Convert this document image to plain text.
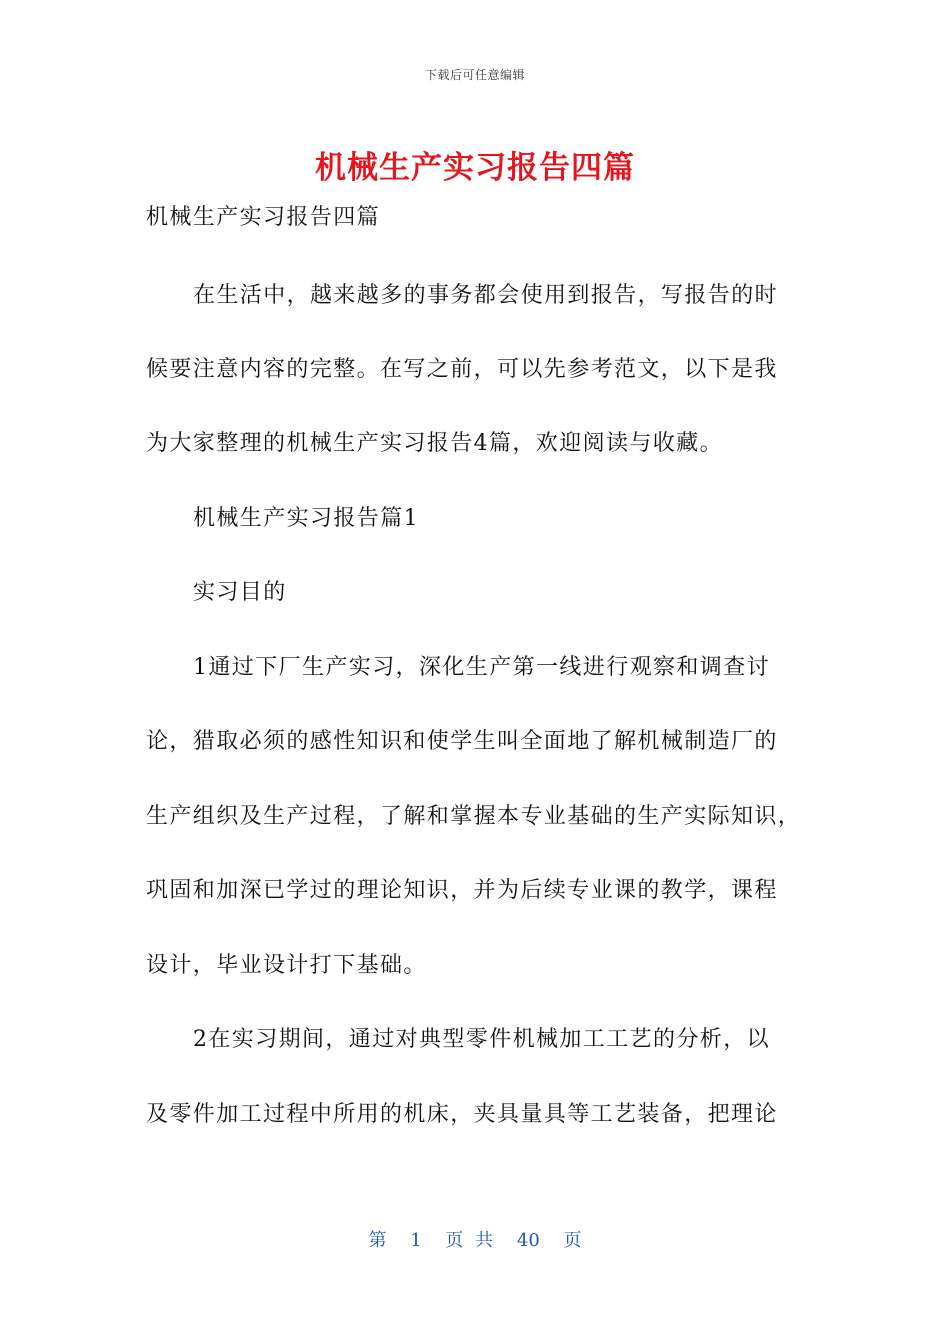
下载后可任意编辑
机械生产实习报告四篇
机械生产实习报告四篇
在生活中，越来越多的事务都会使用到报告，写报告的时
候要注意内容的完整。在写之前，可以先参考范文，以下是我
为大家整理的机械生产实习报告4篇，欢迎阅读与收藏。
机械生产实习报告篇1
实习目的
1通过下厂生产实习，深化生产第一线进行观察和调查讨
论，猎取必须的感性知识和使学生叫全面地了解机械制造厂的
生产组织及生产过程，了解和掌握本专业基础的生产实际知识，
巩固和加深已学过的理论知识，并为后续专业课的教学，课程
设计，毕业设计打下基础。
2在实习期间，通过对典型零件机械加工工艺的分析，以
及零件加工过程中所用的机床，夹具量具等工艺装备，把理论
第 1 页 共 40 页
